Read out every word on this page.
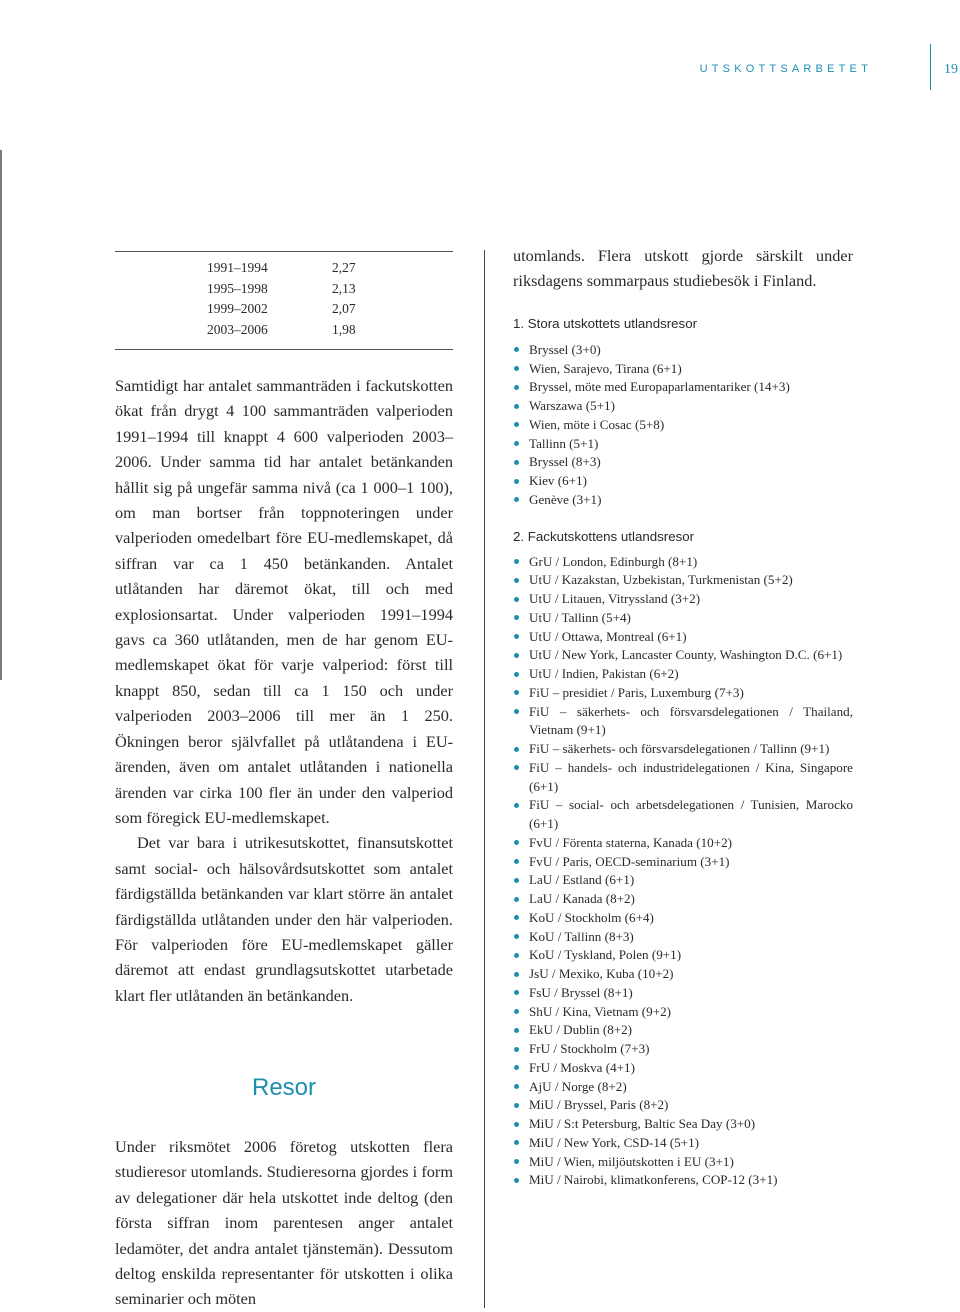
UTSKOTTSARBETET	19
1991–1994	2,27
1995–1998	2,13
1999–2002	2,07
2003–2006	1,98

Samtidigt har antalet sammanträden i fackutskotten ökat från drygt 4 100 sammanträden valperioden 1991–1994 till knappt 4 600 valperioden 2003–2006. Under samma tid har antalet betänkanden hållit sig på ungefär samma nivå (ca 1 000–1 100), om man bortser från toppnoteringen under valperioden omedelbart före EU-medlemskapet, då siffran var ca 1 450 betänkanden. Antalet utlåtanden har däremot ökat, till och med explosionsartat. Under valperioden 1991–1994 gavs ca 360 utlåtanden, men de har genom EU-medlemskapet ökat för varje valperiod: först till knappt 850, sedan till ca 1 150 och under valperioden 2003–2006 till mer än 1 250. Ökningen beror självfallet på utlåtandena i EU-ärenden, även om antalet utlåtanden i nationella ärenden var cirka 100 fler än under den valperiod som föregick EU-medlemskapet.

Det var bara i utrikesutskottet, finansutskottet samt social- och hälsovårdsutskottet som antalet färdigställda betänkanden var klart större än antalet färdigställda utlåtanden under den här valperioden. För valperioden före EU-medlemskapet gäller däremot att endast grundlagsutskottet utarbetade klart fler utlåtanden än betänkanden.

Resor

Under riksmötet 2006 företog utskotten flera studieresor utomlands. Studieresorna gjordes i form av delegationer där hela utskottet inde deltog (den första siffran inom parentesen anger antalet ledamöter, det andra antalet tjänstemän). Dessutom deltog enskilda representanter för utskotten i olika seminarier och möten

utomlands. Flera utskott gjorde särskilt under riksdagens sommarpaus studiebesök i Finland.

1. Stora utskottets utlandsresor
Bryssel (3+0)
Wien, Sarajevo, Tirana (6+1)
Bryssel, möte med Europaparlamentariker (14+3)
Warszawa (5+1)
Wien, möte i Cosac (5+8)
Tallinn (5+1)
Bryssel (8+3)
Kiev (6+1)
Genève (3+1)
2. Fackutskottens utlandsresor
GrU / London, Edinburgh (8+1)
UtU / Kazakstan, Uzbekistan, Turkmenistan (5+2)
UtU / Litauen, Vitryssland (3+2)
UtU / Tallinn (5+4)
UtU / Ottawa, Montreal (6+1)
UtU / New York, Lancaster County, Washington D.C. (6+1)
UtU / Indien, Pakistan (6+2)
FiU – presidiet / Paris, Luxemburg (7+3)
FiU – säkerhets- och försvarsdelegationen / Thailand, Vietnam (9+1)
FiU – säkerhets- och försvarsdelegationen / Tallinn (9+1)
FiU – handels- och industridelegationen / Kina, Singapore (6+1)
FiU – social- och arbetsdelegationen / Tunisien, Marocko (6+1)
FvU / Förenta staterna, Kanada (10+2)
FvU / Paris, OECD-seminarium (3+1)
LaU / Estland (6+1)
LaU / Kanada (8+2)
KoU / Stockholm (6+4)
KoU / Tallinn (8+3)
KoU / Tyskland, Polen (9+1)
JsU / Mexiko, Kuba (10+2)
FsU / Bryssel (8+1)
ShU / Kina, Vietnam (9+2)
EkU / Dublin (8+2)
FrU / Stockholm (7+3)
FrU / Moskva (4+1)
AjU / Norge (8+2)
MiU / Bryssel, Paris (8+2)
MiU / S:t Petersburg, Baltic Sea Day (3+0)
MiU / New York, CSD-14 (5+1)
MiU / Wien, miljöutskotten i EU (3+1)
MiU / Nairobi, klimatkonferens, COP-12 (3+1)
